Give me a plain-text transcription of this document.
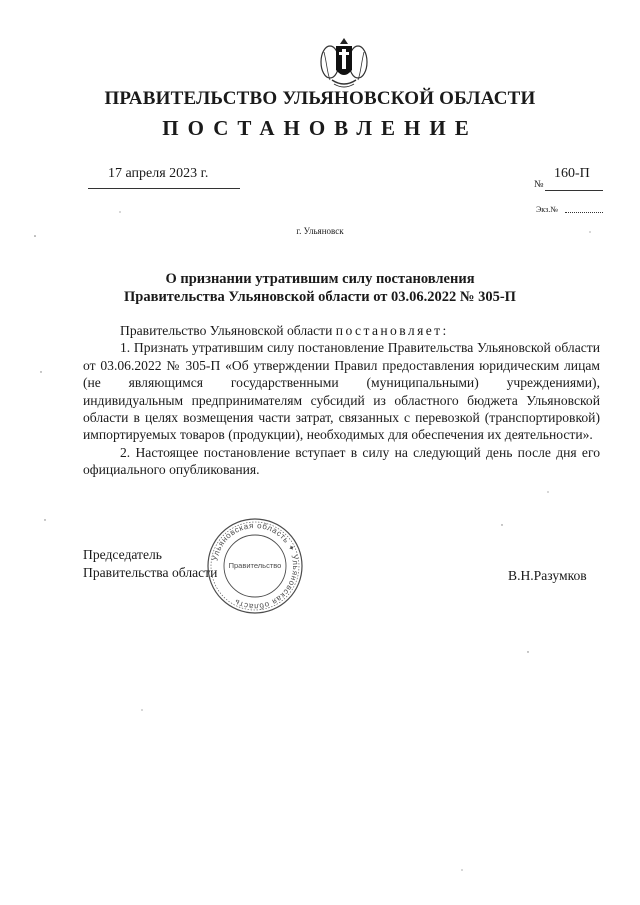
ПРАВИТЕЛЬСТВО УЛЬЯНОВСКОЙ ОБЛАСТИ
ПОСТАНОВЛЕНИЕ
17 апреля 2023 г.
№
160-П
Экз.№
г. Ульяновск
О признании утратившим силу постановления
Правительства Ульяновской области от 03.06.2022 № 305-П

Правительство Ульяновской области постановляет:

1. Признать утратившим силу постановление Правительства Ульяновской области от 03.06.2022 № 305-П «Об утверждении Правил предоставления юридическим лицам (не являющимся государственными (муниципальными) учреждениями), индивидуальным предпринимателям субсидий из областного бюджета Ульяновской области в целях возмещения части затрат, связанных с перевозкой (транспортировкой) импортируемых товаров (продукции), необходимых для обеспечения их деятельности».

2. Настоящее постановление вступает в силу на следующий день после дня его официального опубликования.

Председатель
Правительства области	В.Н.Разумков
Ульяновская область ✦ Ульяновская область
Правительство
